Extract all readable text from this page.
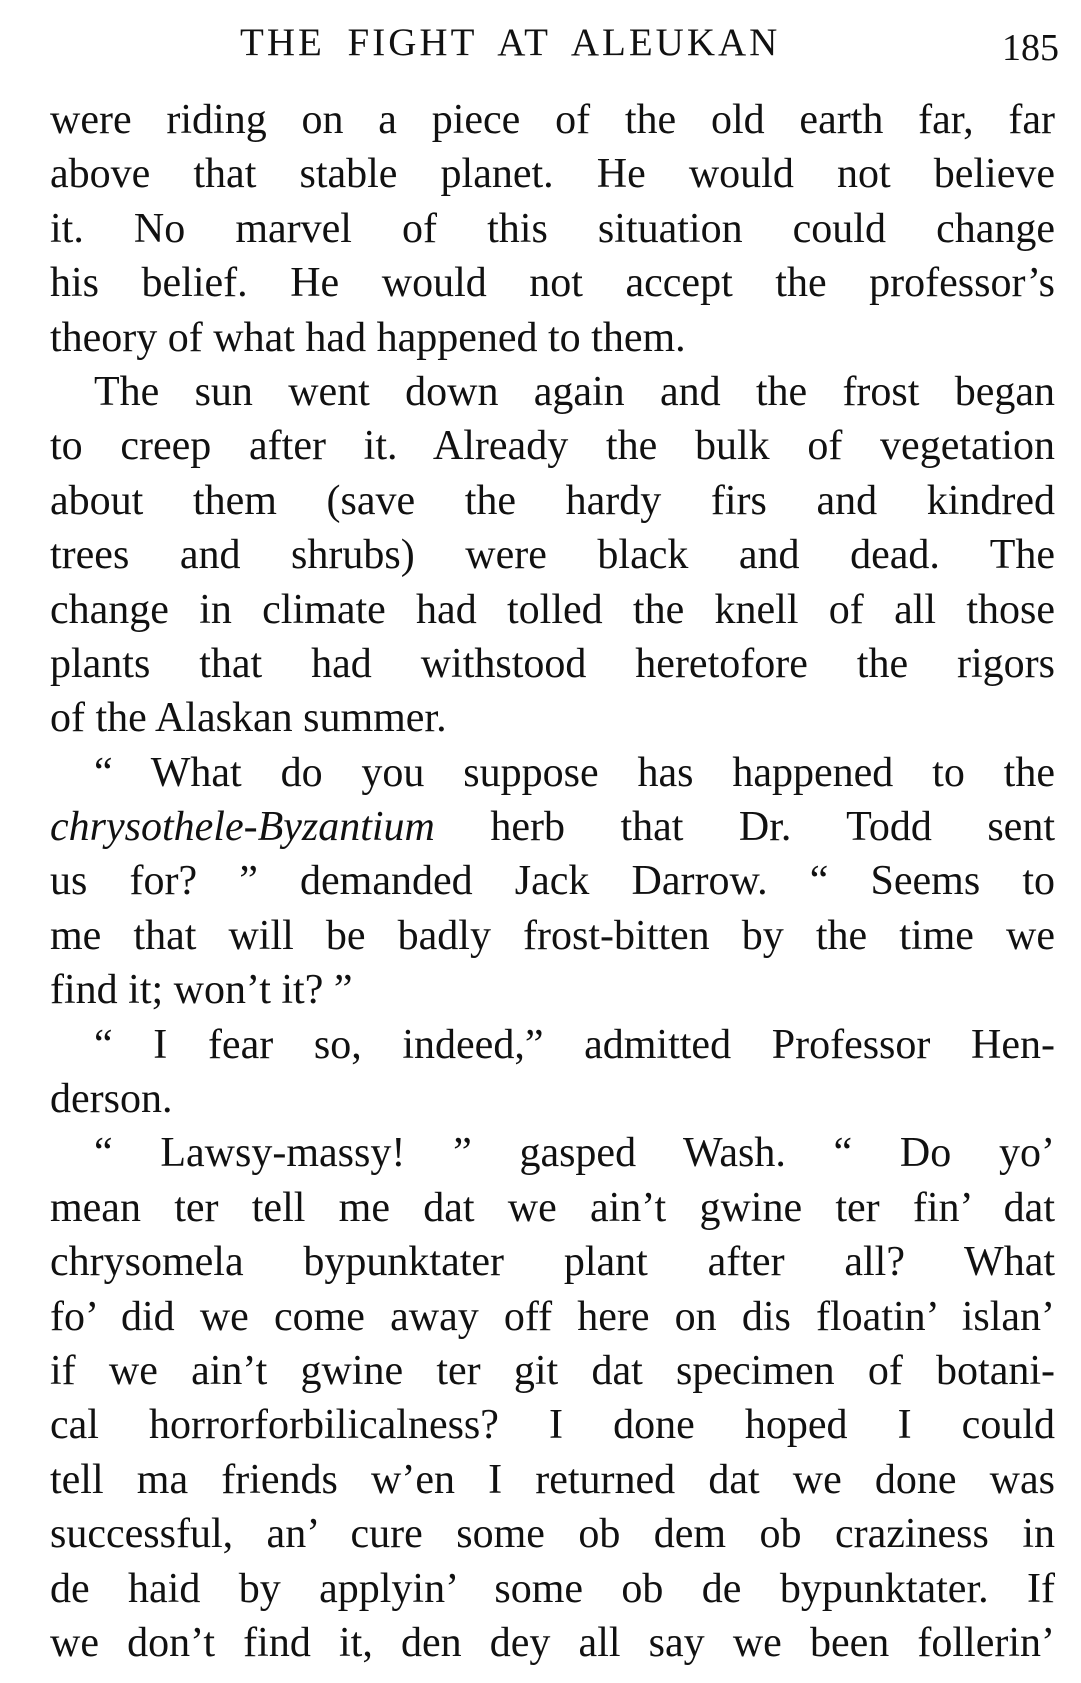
THE FIGHT AT ALEUKAN	185
were riding on a piece of the old earth far, far
above that stable planet. He would not believe
it. No marvel of this situation could change
his belief. He would not accept the professor’s
theory of what had happened to them.
The sun went down again and the frost began
to creep after it. Already the bulk of vegetation
about them (save the hardy firs and kindred
trees and shrubs) were black and dead. The
change in climate had tolled the knell of all those
plants that had withstood heretofore the rigors
of the Alaskan summer.
“ What do you suppose has happened to the
chrysothele-Byzantium herb that Dr. Todd sent
us for? ” demanded Jack Darrow. “ Seems to
me that will be badly frost-bitten by the time we
find it; won’t it? ”
“ I fear so, indeed,” admitted Professor Hen-
derson.
“ Lawsy-massy! ” gasped Wash. “ Do yo’
mean ter tell me dat we ain’t gwine ter fin’ dat
chrysomela bypunktater plant after all? What
fo’ did we come away off here on dis floatin’ islan’
if we ain’t gwine ter git dat specimen of botani-
cal horrorforbilicalness? I done hoped I could
tell ma friends w’en I returned dat we done was
successful, an’ cure some ob dem ob craziness in
de haid by applyin’ some ob de bypunktater. If
we don’t find it, den dey all say we been follerin’
